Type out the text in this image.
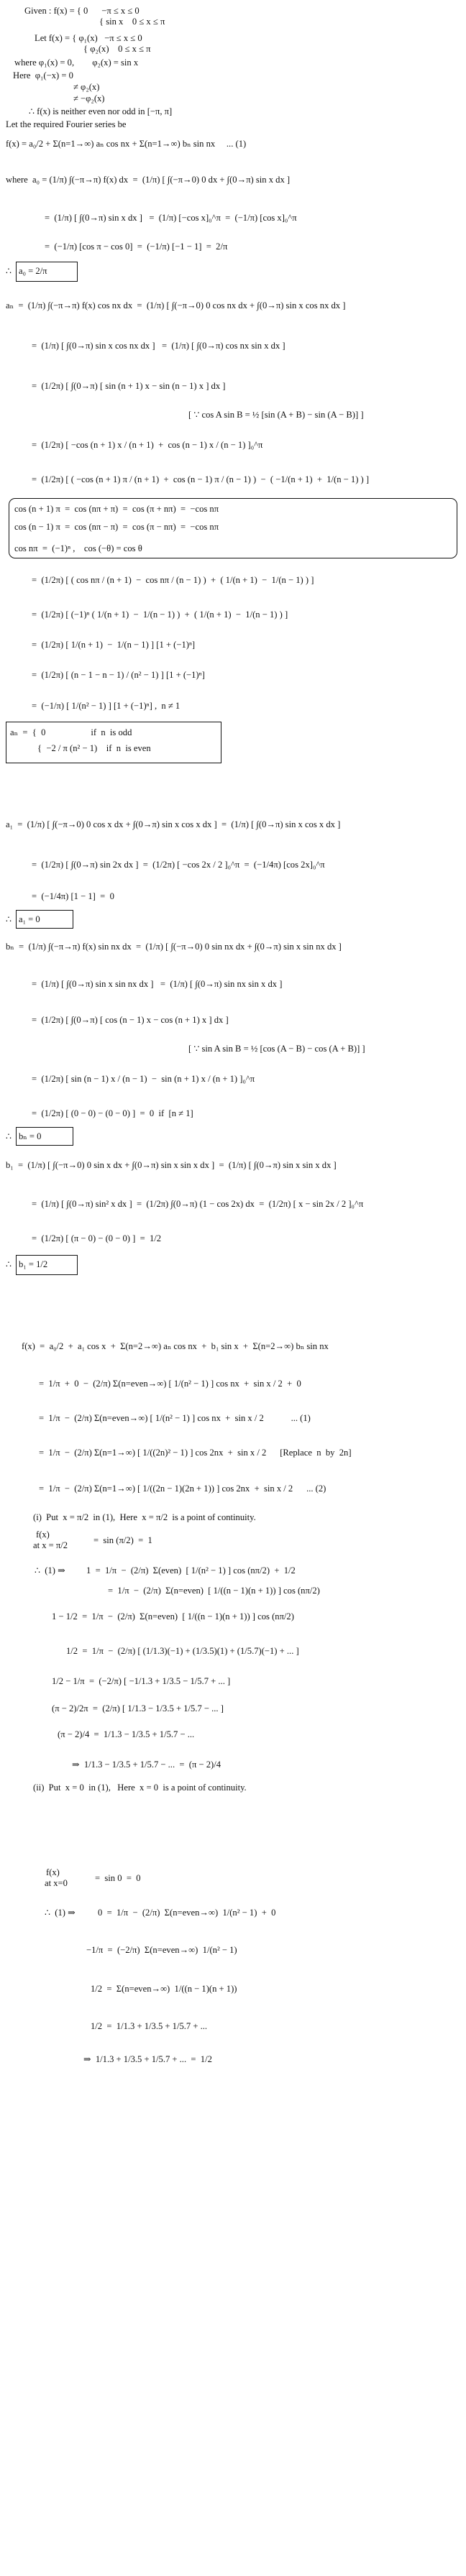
Given : f(x) = { 0      −π ≤ x ≤ 0
{ sin x    0 ≤ x ≤ π
Let f(x) = { φ₁(x)   −π ≤ x ≤ 0
{ φ₂(x)    0 ≤ x ≤ π
where φ₁(x) = 0,        φ₂(x) = sin x
Here  φ₁(−x) = 0
≠ φ₂(x)
≠ −φ₂(x)
∴ f(x) is neither even nor odd in [−π, π]
Let the required Fourier series be
f(x) = a₀/2 + Σ(n=1→∞) aₙ cos nx + Σ(n=1→∞) bₙ sin nx     ... (1)
where  a₀ = (1/π) ∫(−π→π) f(x) dx  =  (1/π) [ ∫(−π→0) 0 dx + ∫(0→π) sin x dx ]
=  (1/π) [ ∫(0→π) sin x dx ]   =  (1/π) [−cos x]₀^π  =  (−1/π) [cos x]₀^π
=  (−1/π) [cos π − cos 0]  =  (−1/π) [−1 − 1]  =  2/π
∴ a₀ = 2/π
aₙ  =  (1/π) ∫(−π→π) f(x) cos nx dx  =  (1/π) [ ∫(−π→0) 0 cos nx dx + ∫(0→π) sin x cos nx dx ]
=  (1/π) [ ∫(0→π) sin x cos nx dx ]   =  (1/π) [ ∫(0→π) cos nx sin x dx ]
=  (1/2π) [ ∫(0→π) [ sin (n + 1) x − sin (n − 1) x ] dx ]
[ ∵ cos A sin B = ½ [sin (A + B) − sin (A − B)] ]
=  (1/2π) [ −cos (n + 1) x / (n + 1)  +  cos (n − 1) x / (n − 1) ]₀^π
=  (1/2π) [ ( −cos (n + 1) π / (n + 1)  +  cos (n − 1) π / (n − 1) )  −  ( −1/(n + 1)  +  1/(n − 1) ) ]
cos (n + 1) π  =  cos (nπ + π)  =  cos (π + nπ)  =  −cos nπ
cos (n − 1) π  =  cos (nπ − π)  =  cos (π − nπ)  =  −cos nπ
cos nπ  =  (−1)ⁿ ,    cos (−θ) = cos θ
=  (1/2π) [ ( cos nπ / (n + 1)  −  cos nπ / (n − 1) )  +  ( 1/(n + 1)  −  1/(n − 1) ) ]
=  (1/2π) [ (−1)ⁿ ( 1/(n + 1)  −  1/(n − 1) )  +  ( 1/(n + 1)  −  1/(n − 1) ) ]
=  (1/2π) [ 1/(n + 1)  −  1/(n − 1) ] [1 + (−1)ⁿ]
=  (1/2π) [ (n − 1 − n − 1) / (n² − 1) ] [1 + (−1)ⁿ]
=  (−1/π) [ 1/(n² − 1) ] [1 + (−1)ⁿ] ,  n ≠ 1
aₙ  =  {  0                    if  n  is odd
{  −2 / π (n² − 1)    if  n  is even
a₁  =  (1/π) [ ∫(−π→0) 0 cos x dx + ∫(0→π) sin x cos x dx ]  =  (1/π) [ ∫(0→π) sin x cos x dx ]
=  (1/2π) [ ∫(0→π) sin 2x dx ]  =  (1/2π) [ −cos 2x / 2 ]₀^π  =  (−1/4π) [cos 2x]₀^π
=  (−1/4π) [1 − 1]  =  0
∴ a₁ = 0
bₙ  =  (1/π) ∫(−π→π) f(x) sin nx dx  =  (1/π) [ ∫(−π→0) 0 sin nx dx + ∫(0→π) sin x sin nx dx ]
=  (1/π) [ ∫(0→π) sin x sin nx dx ]   =  (1/π) [ ∫(0→π) sin nx sin x dx ]
=  (1/2π) [ ∫(0→π) [ cos (n − 1) x − cos (n + 1) x ] dx ]
[ ∵ sin A sin B = ½ [cos (A − B) − cos (A + B)] ]
=  (1/2π) [ sin (n − 1) x / (n − 1)  −  sin (n + 1) x / (n + 1) ]₀^π
=  (1/2π) [ (0 − 0) − (0 − 0) ]  =  0  if  [n ≠ 1]
∴ bₙ = 0
b₁  =  (1/π) [ ∫(−π→0) 0 sin x dx + ∫(0→π) sin x sin x dx ]  =  (1/π) [ ∫(0→π) sin x sin x dx ]
=  (1/π) [ ∫(0→π) sin² x dx ]  =  (1/2π) ∫(0→π) (1 − cos 2x) dx  =  (1/2π) [ x − sin 2x / 2 ]₀^π
=  (1/2π) [ (π − 0) − (0 − 0) ]  =  1/2
∴ b₁ = 1/2
f(x)  =  a₀/2  +  a₁ cos x  +  Σ(n=2→∞) aₙ cos nx  +  b₁ sin x  +  Σ(n=2→∞) bₙ sin nx
=  1/π  +  0  −  (2/π) Σ(n=even→∞) [ 1/(n² − 1) ] cos nx  +  sin x / 2  +  0
=  1/π  −  (2/π) Σ(n=even→∞) [ 1/(n² − 1) ] cos nx  +  sin x / 2            ... (1)
=  1/π  −  (2/π) Σ(n=1→∞) [ 1/((2n)² − 1) ] cos 2nx  +  sin x / 2      [Replace  n  by  2n]
=  1/π  −  (2/π) Σ(n=1→∞) [ 1/((2n − 1)(2n + 1)) ] cos 2nx  +  sin x / 2      ... (2)
(i)  Put  x = π/2  in (1),  Here  x = π/2  is a point of continuity.
f(x)
at x = π/2	=  sin (π/2)  =  1
∴  (1) ⇒ 1  =  1/π  −  (2/π)  Σ(even)  [ 1/(n² − 1) ] cos (nπ/2)  +  1/2
=  1/π  −  (2/π)  Σ(n=even)  [ 1/((n − 1)(n + 1)) ] cos (nπ/2)
1 − 1/2  =  1/π  −  (2/π)  Σ(n=even)  [ 1/((n − 1)(n + 1)) ] cos (nπ/2)
1/2  =  1/π  −  (2/π) [ (1/1.3)(−1) + (1/3.5)(1) + (1/5.7)(−1) + ... ]
1/2 − 1/π  =  (−2/π) [ −1/1.3 + 1/3.5 − 1/5.7 + ... ]
(π − 2)/2π  =  (2/π) [ 1/1.3 − 1/3.5 + 1/5.7 − ... ]
(π − 2)/4  =  1/1.3 − 1/3.5 + 1/5.7 − ...
⇒  1/1.3 − 1/3.5 + 1/5.7 − ...  =  (π − 2)/4
(ii)  Put  x = 0  in (1),   Here  x = 0  is a point of continuity.
f(x)
at x=0	=  sin 0  =  0
∴  (1) ⇒ 0  =  1/π  −  (2/π)  Σ(n=even→∞)  1/(n² − 1)  +  0
−1/π  =  (−2/π)  Σ(n=even→∞)  1/(n² − 1)
1/2  =  Σ(n=even→∞)  1/((n − 1)(n + 1))
1/2  =  1/1.3 + 1/3.5 + 1/5.7 + ...
⇒  1/1.3 + 1/3.5 + 1/5.7 + ...  =  1/2
